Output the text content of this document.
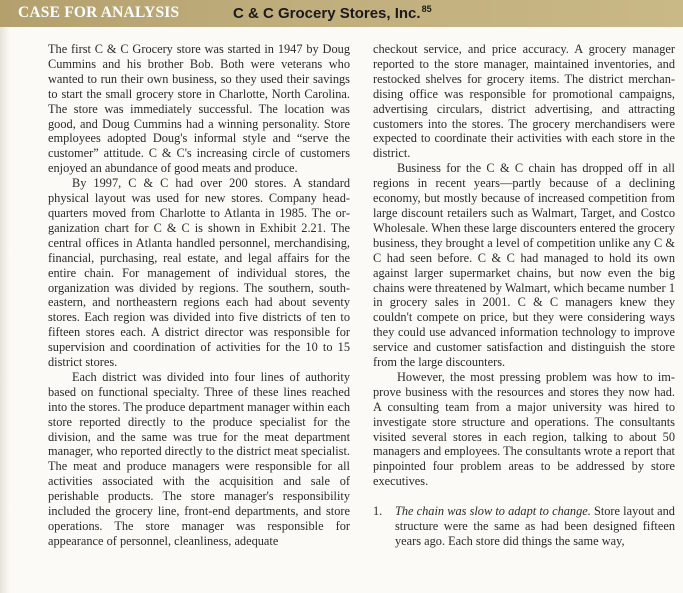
CASE FOR ANALYSIS	C & C Grocery Stores, Inc.$^{85}$

The first C & C Grocery store was started in 1947 by Doug Cummins and his brother Bob. Both were veterans who wanted to run their own business, so they used their savings to start the small grocery store in Charlotte, North Carolina. The store was immediately successful. The location was good, and Doug Cummins had a winning personality. Store employees adopted Doug's informal style and “serve the customer” attitude. C & C's increasing circle of customers enjoyed an abundance of good meats and produce.

By 1997, C & C had over 200 stores. A standard physical layout was used for new stores. Company headquarters moved from Charlotte to Atlanta in 1985. The organization chart for C & C is shown in Exhibit 2.21. The central offices in Atlanta handled personnel, merchandising, financial, purchasing, real estate, and legal affairs for the entire chain. For management of individual stores, the organization was divided by regions. The southern, southeastern, and northeastern regions each had about seventy stores. Each region was divided into five districts of ten to fifteen stores each. A district director was responsible for supervision and coordination of activities for the 10 to 15 district stores.

Each district was divided into four lines of authority based on functional specialty. Three of these lines reached into the stores. The produce department manager within each store reported directly to the produce specialist for the division, and the same was true for the meat department manager, who reported directly to the district meat specialist. The meat and produce managers were responsible for all activities associated with the acquisition and sale of perishable products. The store manager's responsibility included the grocery line, front-end departments, and store operations. The store manager was responsible for appearance of personnel, cleanliness, adequate

checkout service, and price accuracy. A grocery manager reported to the store manager, maintained inventories, and restocked shelves for grocery items. The district merchandising office was responsible for promotional campaigns, advertising circulars, district advertising, and attracting customers into the stores. The grocery merchandisers were expected to coordinate their activities with each store in the district.

Business for the C & C chain has dropped off in all regions in recent years—partly because of a declining economy, but mostly because of increased competition from large discount retailers such as Walmart, Target, and Costco Wholesale. When these large discounters entered the grocery business, they brought a level of competition unlike any C & C had seen before. C & C had managed to hold its own against larger supermarket chains, but now even the big chains were threatened by Walmart, which became number 1 in grocery sales in 2001. C & C managers knew they couldn't compete on price, but they were considering ways they could use advanced information technology to improve service and customer satisfaction and distinguish the store from the large discounters.

However, the most pressing problem was how to improve business with the resources and stores they now had. A consulting team from a major university was hired to investigate store structure and operations. The consultants visited several stores in each region, talking to about 50 managers and employees. The consultants wrote a report that pinpointed four problem areas to be addressed by store executives.

1. The chain was slow to adapt to change. Store layout and structure were the same as had been designed fifteen years ago. Each store did things the same way,
